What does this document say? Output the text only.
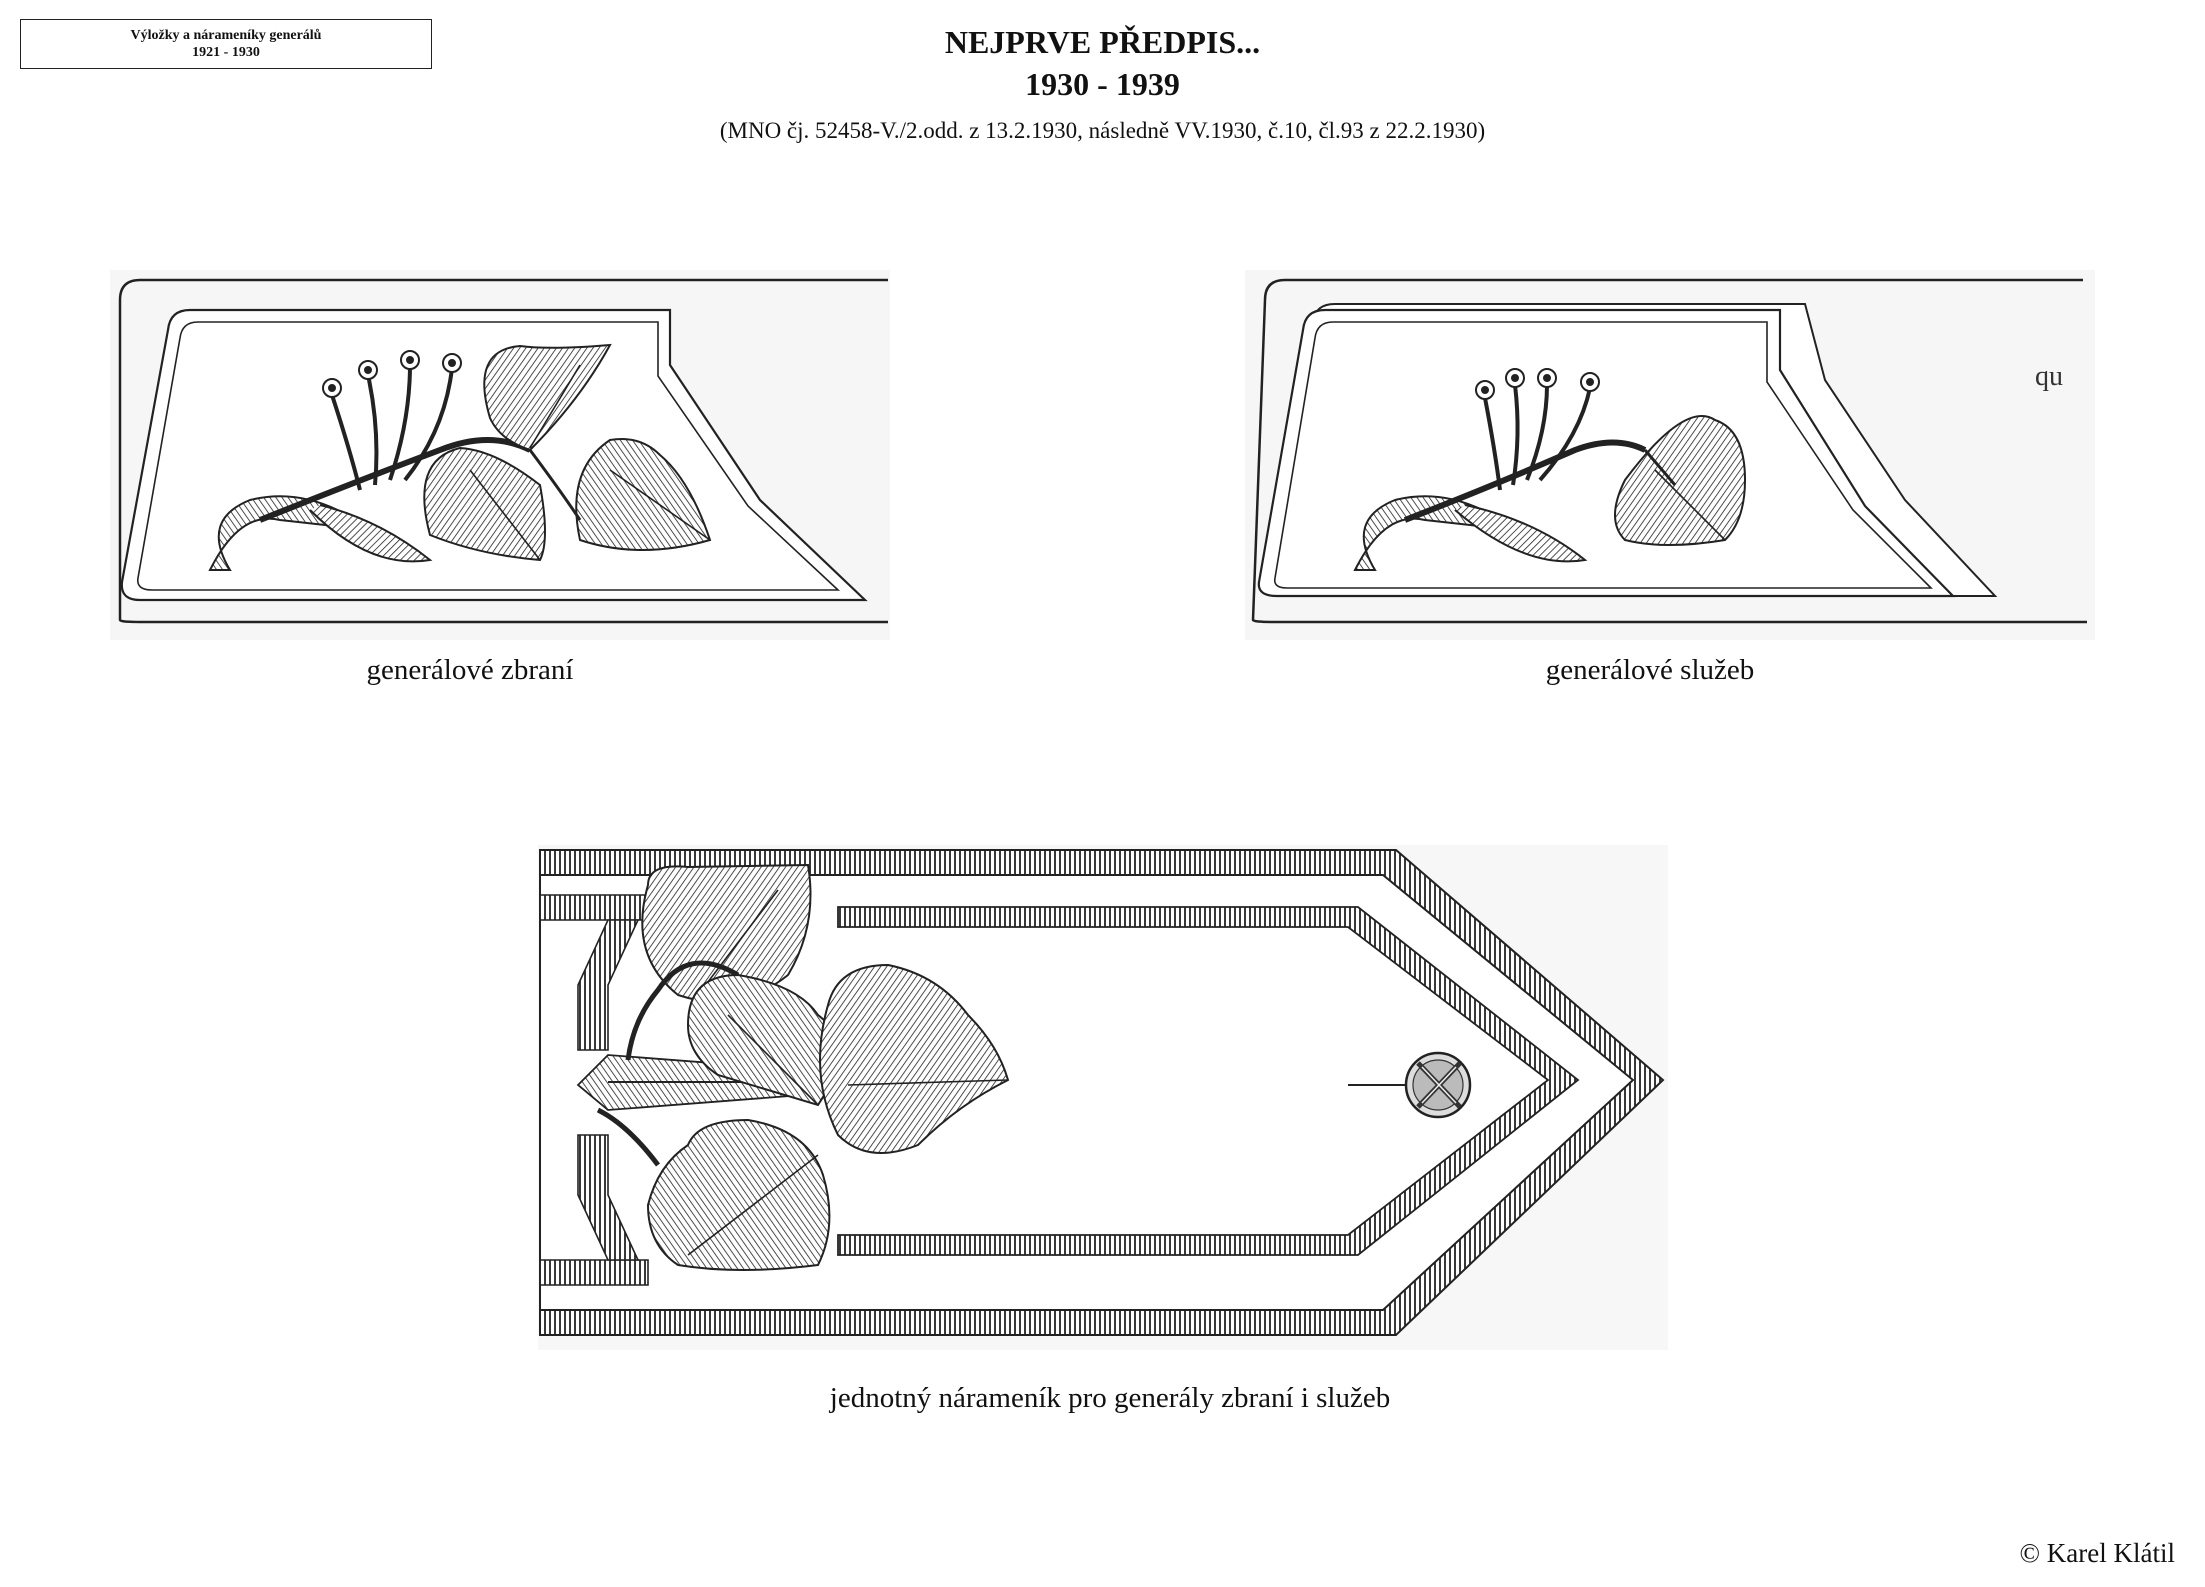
Výložky a nárameníky generálů
1921 - 1930	NEJPRVE PŘEDPIS...
1930 - 1939
(MNO čj. 52458-V./2.odd. z 13.2.1930, následně VV.1930, č.10, čl.93 z 22.2.1930)
generálové zbraní
qu
generálové služeb
jednotný nárameník pro generály zbraní i služeb
© Karel Klátil
